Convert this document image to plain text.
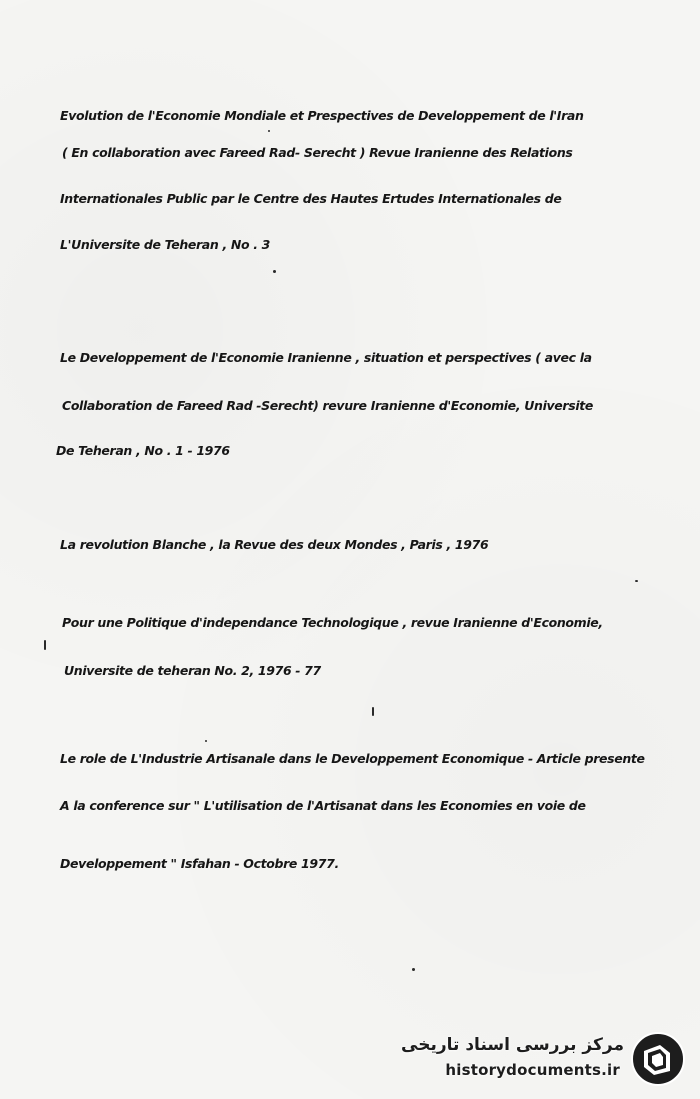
Evolution de l'Economie Mondiale et Prespectives de Developpement de l'Iran
( En collaboration avec Fareed Rad- Serecht ) Revue Iranienne des Relations
Internationales Public par le Centre des Hautes Ertudes Internationales de
L'Universite de Teheran , No . 3
Le Developpement de l'Economie Iranienne , situation et perspectives ( avec la
Collaboration de Fareed Rad -Serecht) revure Iranienne d'Economie, Universite
De Teheran , No . 1 - 1976
La revolution Blanche , la Revue des deux Mondes , Paris , 1976
Pour une Politique d'independance Technologique , revue Iranienne d'Economie,
Universite de teheran No. 2, 1976 - 77
Le role de L'Industrie Artisanale dans le Developpement Economique - Article presente
A la conference sur " L'utilisation de l'Artisanat dans les Economies en voie de
Developpement " Isfahan - Octobre 1977.
مرکز بررسی اسناد تاریخی
historydocuments.ir
